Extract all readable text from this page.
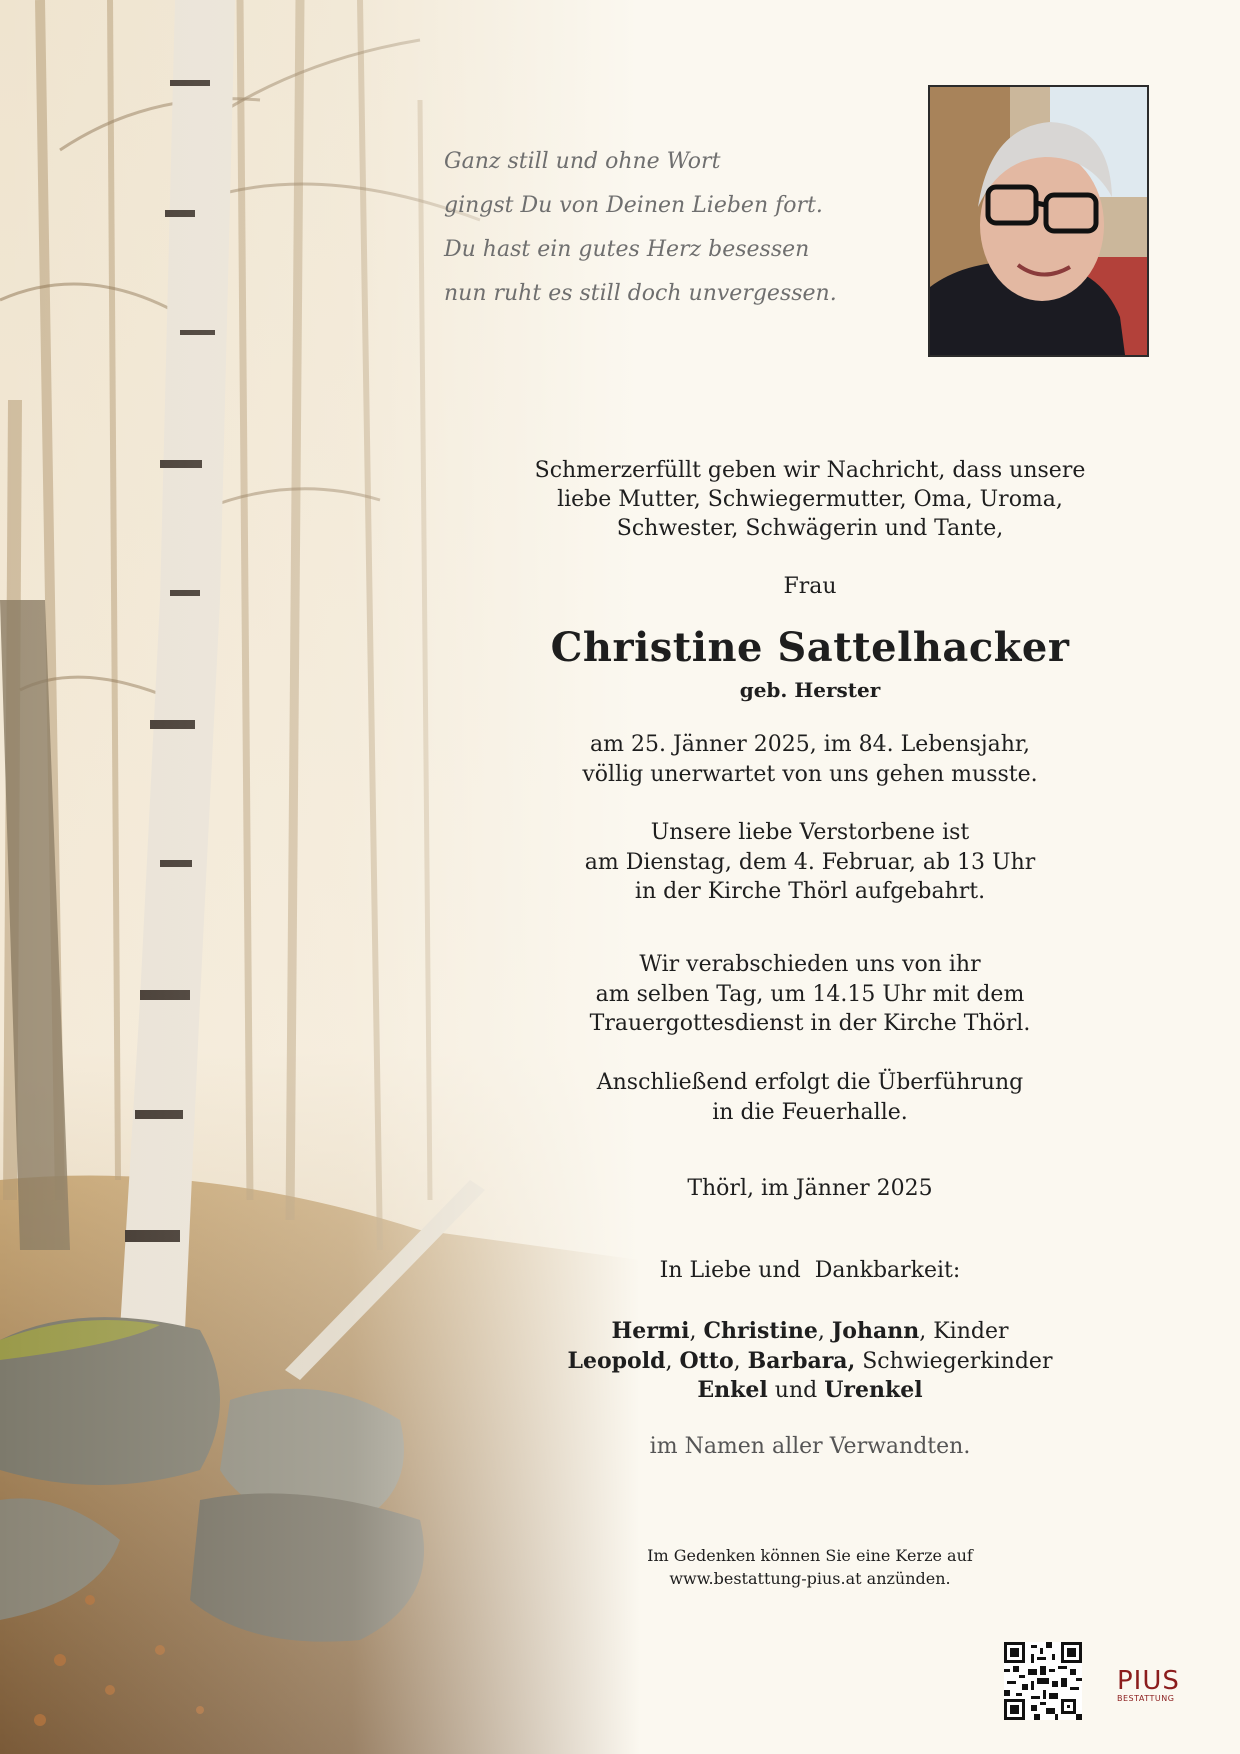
Ganz still und ohne Wort
gingst Du von Deinen Lieben fort.
Du hast ein gutes Herz besessen
nun ruht es still doch unvergessen.
Schmerzerfüllt geben wir Nachricht, dass unsere
liebe Mutter, Schwiegermutter, Oma, Uroma,
Schwester, Schwägerin und Tante,
Frau
Christine Sattelhacker
geb. Herster
am 25. Jänner 2025, im 84. Lebensjahr,
völlig unerwartet von uns gehen musste.
Unsere liebe Verstorbene ist
am Dienstag, dem 4. Februar, ab 13 Uhr
in der Kirche Thörl aufgebahrt.
Wir verabschieden uns von ihr
am selben Tag, um 14.15 Uhr mit dem
Trauergottesdienst in der Kirche Thörl.
Anschließend erfolgt die Überführung
in die Feuerhalle.
Thörl, im Jänner 2025
In Liebe und  Dankbarkeit:
Hermi, Christine, Johann, Kinder
Leopold, Otto, Barbara, Schwiegerkinder
Enkel und Urenkel
im Namen aller Verwandten.
Im Gedenken können Sie eine Kerze auf
www.bestattung-pius.at anzünden.
PIUS
BESTATTUNG
